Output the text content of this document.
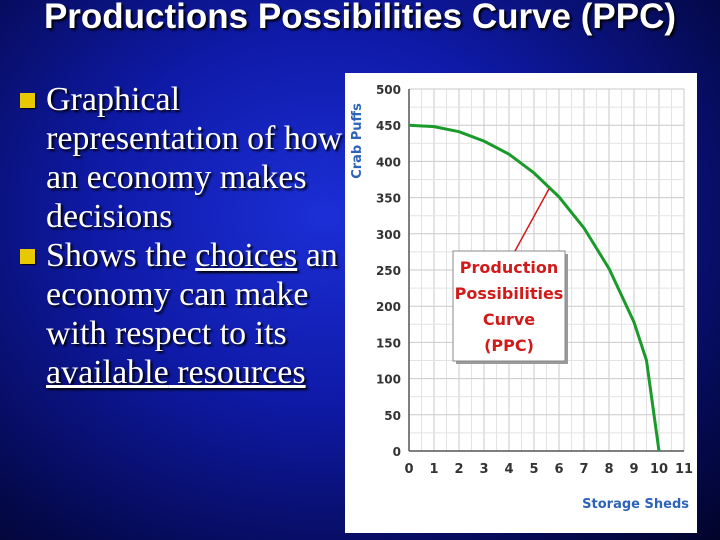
Productions Possibilities Curve (PPC)
Graphical representation of how an economy makes decisions
Shows the choices an economy can make with respect to its available resources
0
50
100
150
200
250
300
350
400
450
500
0 1 2 3 4 5 6 7 8 9 10 11
Production
Possibilities
Curve
(PPC)
Crab Puffs
Storage Sheds
